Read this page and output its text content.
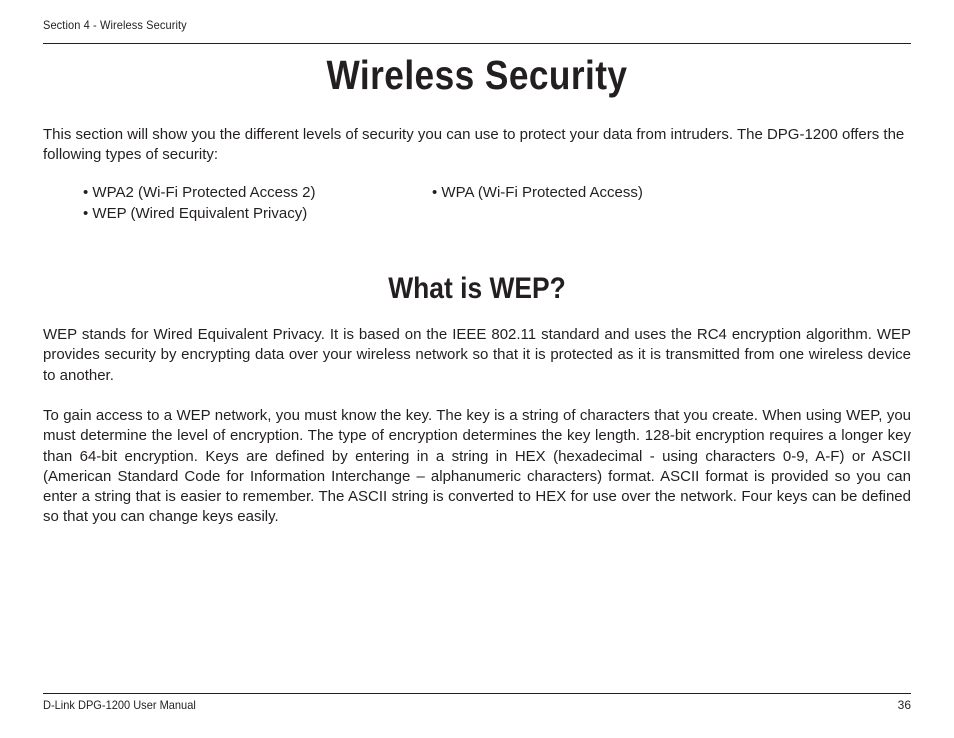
Section 4 - Wireless Security
Wireless Security

This section will show you the different levels of security you can use to protect your data from intruders. The DPG-1200 offers the following types of security:

• WPA2 (Wi-Fi Protected Access 2)	• WPA (Wi-Fi Protected Access)
• WEP (Wired Equivalent Privacy)
What is WEP?

WEP stands for Wired Equivalent Privacy. It is based on the IEEE 802.11 standard and uses the RC4 encryption algorithm. WEP provides security by encrypting data over your wireless network so that it is protected as it is transmitted from one wireless device to another.

To gain access to a WEP network, you must know the key. The key is a string of characters that you create. When using WEP, you must determine the level of encryption. The type of encryption determines the key length. 128-bit encryption requires a longer key than 64-bit encryption. Keys are defined by entering in a string in HEX (hexadecimal - using characters 0-9, A-F) or ASCII (American Standard Code for Information Interchange – alphanumeric characters) format. ASCII format is provided so you can enter a string that is easier to remember. The ASCII string is converted to HEX for use over the network. Four keys can be defined so that you can change keys easily.

D-Link DPG-1200 User Manual	36
